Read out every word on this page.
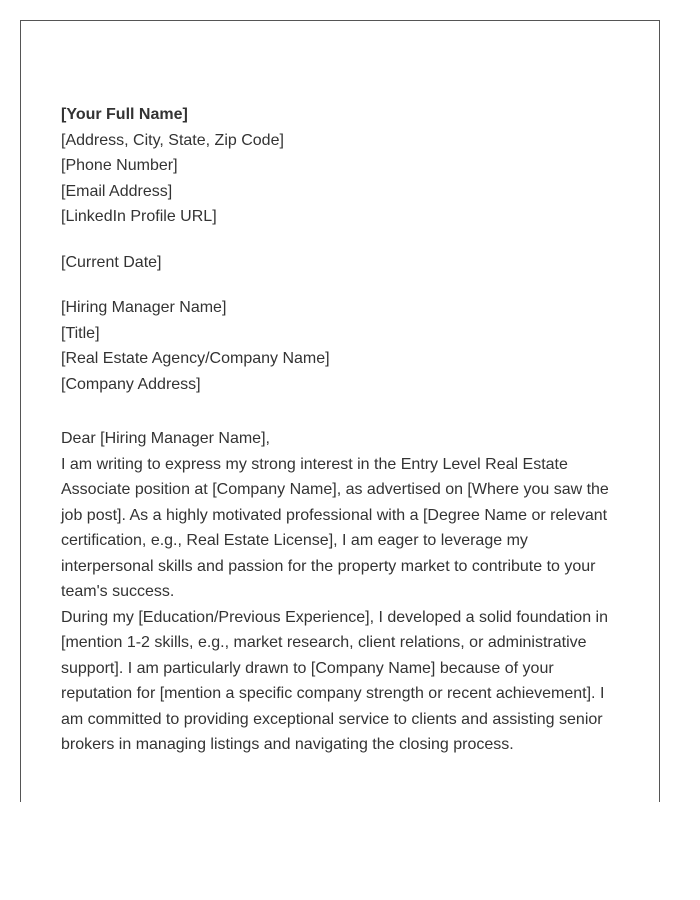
[Your Full Name]
[Address, City, State, Zip Code]
[Phone Number]
[Email Address]
[LinkedIn Profile URL]
[Current Date]
[Hiring Manager Name]
[Title]
[Real Estate Agency/Company Name]
[Company Address]
Dear [Hiring Manager Name],

I am writing to express my strong interest in the Entry Level Real Estate Associate position at [Company Name], as advertised on [Where you saw the job post]. As a highly motivated professional with a [Degree Name or relevant certification, e.g., Real Estate License], I am eager to leverage my interpersonal skills and passion for the property market to contribute to your team's success.

During my [Education/Previous Experience], I developed a solid foundation in [mention 1-2 skills, e.g., market research, client relations, or administrative support]. I am particularly drawn to [Company Name] because of your reputation for [mention a specific company strength or recent achievement]. I am committed to providing exceptional service to clients and assisting senior brokers in managing listings and navigating the closing process.
